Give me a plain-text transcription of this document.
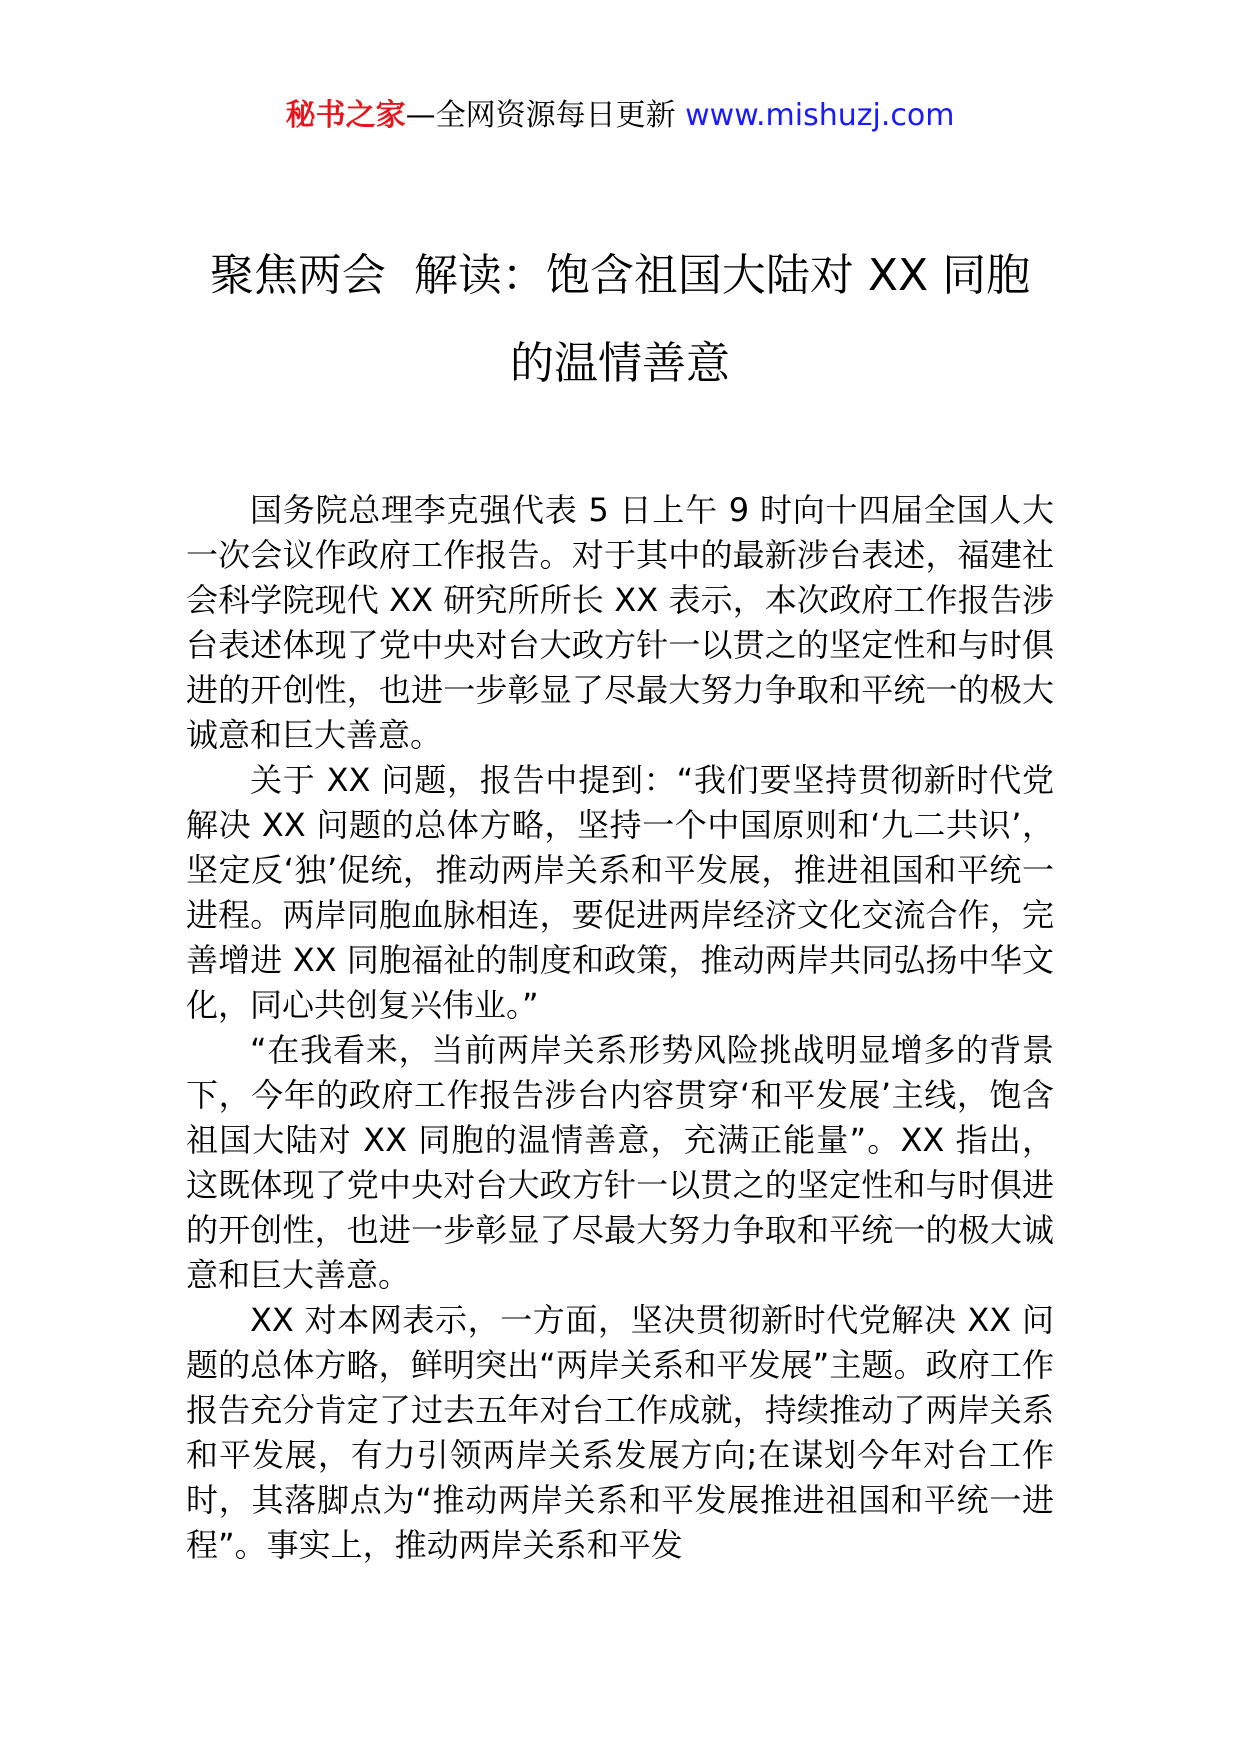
秘书之家—全网资源每日更新 www.mishuzj.com
聚焦两会  解读：饱含祖国大陆对 XX 同胞
的温情善意

国务院总理李克强代表 5 日上午 9 时向十四届全国人大一次会议作政府工作报告。对于其中的最新涉台表述，福建社会科学院现代 XX 研究所所长 XX 表示，本次政府工作报告涉台表述体现了党中央对台大政方针一以贯之的坚定性和与时俱进的开创性，也进一步彰显了尽最大努力争取和平统一的极大诚意和巨大善意。

关于 XX 问题，报告中提到：“我们要坚持贯彻新时代党解决 XX 问题的总体方略，坚持一个中国原则和‘九二共识’，坚定反‘独’促统，推动两岸关系和平发展，推进祖国和平统一进程。两岸同胞血脉相连，要促进两岸经济文化交流合作，完善增进 XX 同胞福祉的制度和政策，推动两岸共同弘扬中华文化，同心共创复兴伟业。”

“在我看来，当前两岸关系形势风险挑战明显增多的背景下，今年的政府工作报告涉台内容贯穿‘和平发展’主线，饱含祖国大陆对 XX 同胞的温情善意，充满正能量”。XX 指出，这既体现了党中央对台大政方针一以贯之的坚定性和与时俱进的开创性，也进一步彰显了尽最大努力争取和平统一的极大诚意和巨大善意。

XX 对本网表示，一方面，坚决贯彻新时代党解决 XX 问题的总体方略，鲜明突出“两岸关系和平发展”主题。政府工作报告充分肯定了过去五年对台工作成就，持续推动了两岸关系和平发展，有力引领两岸关系发展方向;在谋划今年对台工作时，其落脚点为“推动两岸关系和平发展推进祖国和平统一进程”。事实上，推动两岸关系和平发
